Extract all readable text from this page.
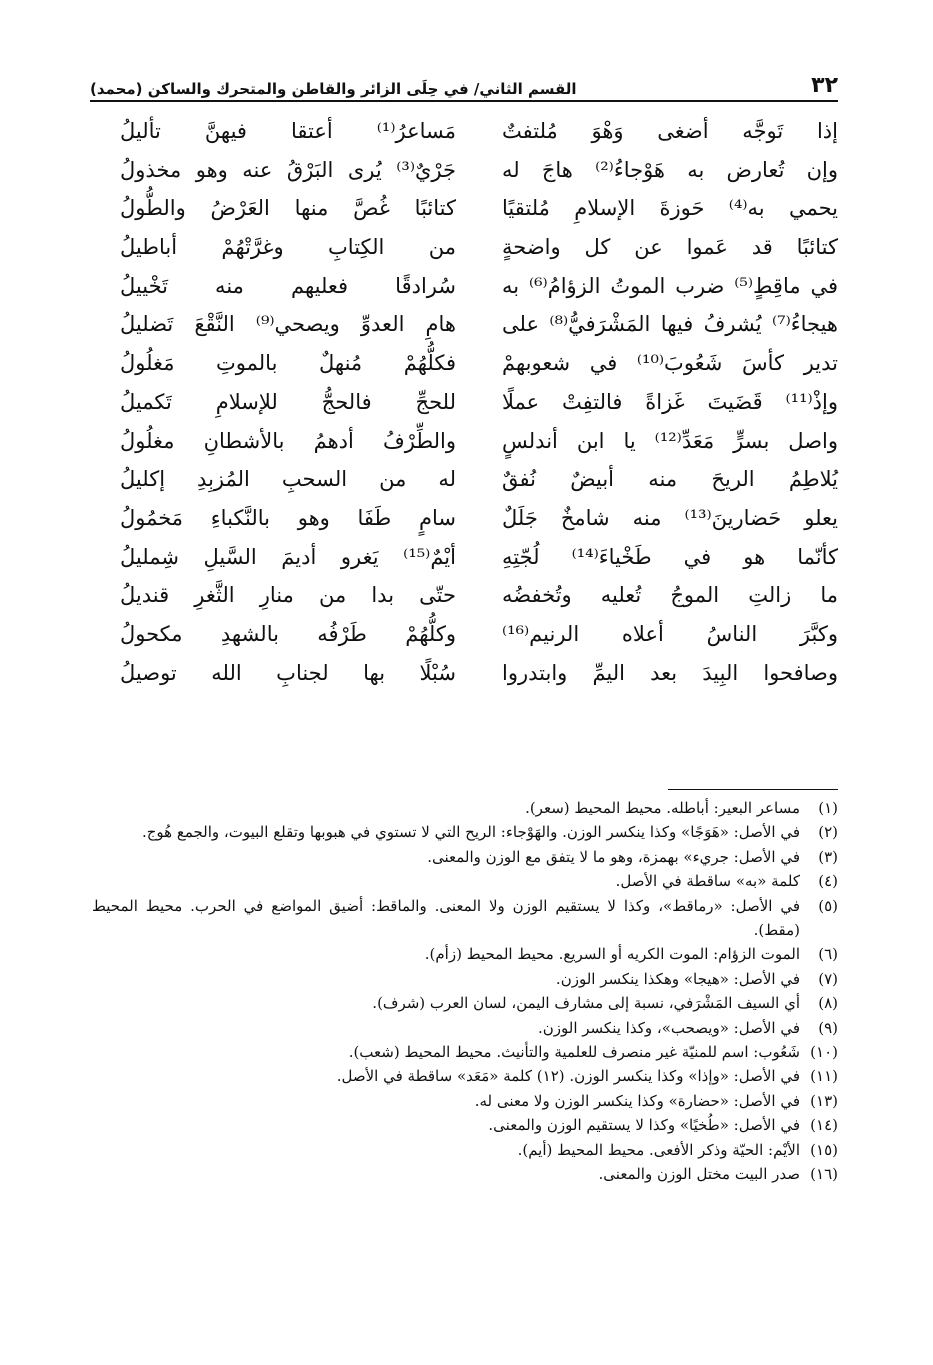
٣٢
القسم الثاني/ في حِلَى الزائر والقاطن والمتحرك والساكن (محمد)
إذا تَوجَّه أضغى وَهْوَ مُلتفتٌ
وإن تُعارض به هَوْجاءُ⁽²⁾ هاجَ له
يحمي به⁽⁴⁾ حَوزةَ الإسلامِ مُلتقيًا
كتائبًا قد عَموا عن كل واضحةٍ
في ماقِطٍ⁽⁵⁾ ضرب الموتُ الزؤامُ⁽⁶⁾ به
هيجاءُ⁽⁷⁾ يُشرفُ فيها المَشْرَفيُّ⁽⁸⁾ على
تدير كأسَ شَعُوبَ⁽¹⁰⁾ في شعوبهمْ
وإذْ⁽¹¹⁾ قَضَيتَ غَزاةً فالتفِتْ عملًا
واصل بسرٍّ مَعَدِّ⁽¹²⁾ يا ابن أندلسٍ
يُلاطِمُ الريحَ منه أبيضٌ نُفقٌ
يعلو حَضارينَ⁽¹³⁾ منه شامخٌ جَلَلٌ
كأنّما هو في طَخْياءَ⁽¹⁴⁾ لُجّتِهِ
ما زالتِ الموجُ تُعليه وتُخفضُه
وكبَّرَ الناسُ أعلاه الرنيم⁽¹⁶⁾
وصافحوا البِيدَ بعد اليمِّ وابتدروا
مَساعرُ⁽¹⁾ أعتقا فيهنَّ تأليلُ
جَرْيٌ⁽³⁾ يُرى البَرْقُ عنه وهو مخذولُ
كتائبًا غُصَّ منها العَرْضُ والطُّولُ
من الكِتابِ وغرَّتْهُمْ أباطيلُ
سُرادقًا فعليهم منه تَخْييلُ
هامِ العدوِّ ويصحي⁽⁹⁾ النَّقْعَ تَضليلُ
فكلُّهُمْ مُنهلٌ بالموتِ مَغلُولُ
للحجِّ فالحجُّ للإسلامِ تَكميلُ
والطِّرْفُ أدهمُ بالأشطانِ مغلُولُ
له من السحبِ المُزبِدِ إكليلُ
سامٍ طَفَا وهو بالنَّكباءِ مَخمُولُ
أيْمٌ⁽¹⁵⁾ يَغرو أديمَ السَّيلِ شِمليلُ
حتّى بدا من منارِ الثَّغرِ قنديلُ
وكلُّهُمْ طَرْفُه بالشهدِ مكحولُ
سُبْلًا بها لجنابِ الله توصيلُ
(١)
مساعر البعير: أباطله. محيط المحيط (سعر).
(٢)
في الأصل: «هَوَجًا» وكذا ينكسر الوزن. والهَوْجاء: الريح التي لا تستوي في هبوبها وتقلع البيوت، والجمع هُوج.
(٣)
في الأصل: جريء» بهمزة، وهو ما لا يتفق مع الوزن والمعنى.
(٤)
كلمة «به» ساقطة في الأصل.
(٥)
في الأصل: «رماقط»، وكذا لا يستقيم الوزن ولا المعنى. والماقط: أضيق المواضع في الحرب. محيط المحيط (مقط).
(٦)
الموت الزؤام: الموت الكريه أو السريع. محيط المحيط (زأم).
(٧)
في الأصل: «هيجا» وهكذا ينكسر الوزن.
(٨)
أي السيف المَشْرَفي، نسبة إلى مشارف اليمن، لسان العرب (شرف).
(٩)
في الأصل: «ويصحب»، وكذا ينكسر الوزن.
(١٠)
شَعُوب: اسم للمنيّة غير منصرف للعلمية والتأنيث. محيط المحيط (شعب).
(١١)
في الأصل: «وإذا» وكذا ينكسر الوزن. (١٢) كلمة «مَعَد» ساقطة في الأصل.
(١٣)
في الأصل: «حضارة» وكذا ينكسر الوزن ولا معنى له.
(١٤)
في الأصل: «طُخيًا» وكذا لا يستقيم الوزن والمعنى.
(١٥)
الأيْم: الحيّة وذكر الأفعى. محيط المحيط (أيم).
(١٦)
صدر البيت مختل الوزن والمعنى.
